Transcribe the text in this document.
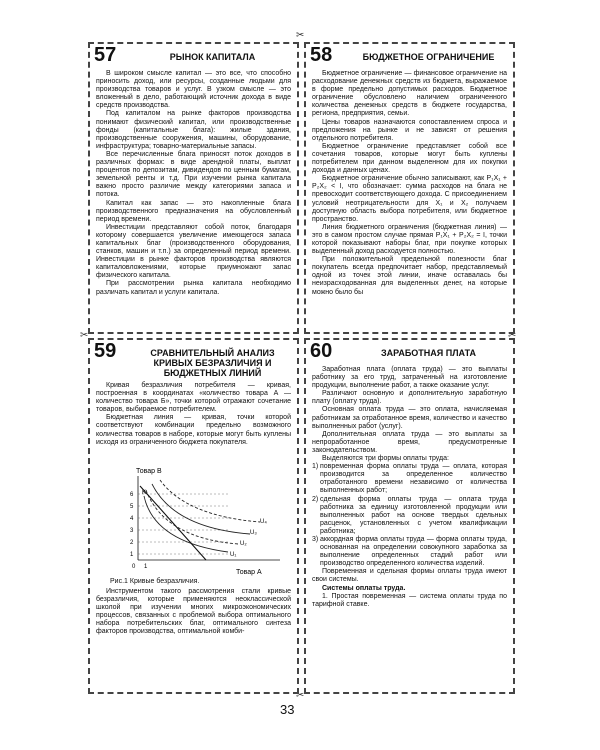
✂
✂
✂
✂
57	РЫНОК КАПИТАЛА

В широком смысле капитал — это все, что способно приносить доход, или ресурсы, созданные людьми для производства товаров и услуг. В узком смысле — это вложенный в дело, работающий источник дохода в виде средств производства.

Под капиталом на рынке факторов производства понимают физический капитал, или производственные фонды (капитальные блага): жилые здания, производственные сооружения, машины, оборудование, инфраструктура; товарно-материальные запасы.

Все перечисленные блага приносят поток доходов в различных формах: в виде арендной платы, выплат процентов по депозитам, дивидендов по ценным бумагам, земельной ренты и т.д. При изучении рынка капитала важно просто различие между категориями запаса и потока.

Капитал как запас — это накопленные блага производственного предназначения на обусловленный период времени.

Инвестиции представляют собой поток, благодаря которому совершается увеличение имеющегося запаса капитальных благ (производственного оборудования, станков, машин и т.п.) за определенный период времени. Инвестиции в рынке факторов производства являются капиталовложениями, которые приумножают запас физического капитала.

При рассмотрении рынка капитала необходимо различать капитал и услуги капитала.

58	БЮДЖЕТНОЕ ОГРАНИЧЕНИЕ

Бюджетное ограничение — финансовое ограничение на расходование денежных средств из бюджета, выражаемое в форме предельно допустимых расходов. Бюджетное ограничение обусловлено наличием ограниченного количества денежных средств в бюджете государства, региона, предприятия, семьи.

Цены товаров назначаются сопоставлением спроса и предложения на рынке и не зависят от решения отдельного потребителя.

Бюджетное ограничение представляет собой все сочетания товаров, которые могут быть куплены потребителем при данном выделенном для их покупки дохода и данных ценах.

Бюджетное ограничение обычно записывают, как P₁X₁ + P₂X₂ < I, что обозначает: сумма расходов на блага не превосходит соответствующего дохода. С присоединением условий неотрицательности для X₁ и X₂ получаем доступную область выбора потребителя, или бюджетное пространство.

Линия бюджетного ограничения (бюджетная линия) — это в самом простом случае прямая P₁X₁ + P₂X₂ = I, точки которой показывают наборы благ, при покупке которых выделенный доход расходуется полностью.

При положительной предельной полезности благ покупатель всегда предпочитает набор, представляемый одной из точек этой линии, иначе оставалась бы неизрасходованная для выделенных денег, на которые можно было бы

59	СРАВНИТЕЛЬНЫЙ АНАЛИЗ КРИВЫХ БЕЗРАЗЛИЧИЯ И БЮДЖЕТНЫХ ЛИНИЙ

Кривая безразличия потребителя — кривая, построенная в координатах «количество товара А — количество товара Б», точки которой отражают сочетание товаров, выбираемое потребителем.

Бюджетная линия — кривая, точки которой соответствуют комбинации предельно возможного количества товаров в наборе, которые могут быть куплены исходя из ограниченного бюджета покупателя.

Товар В
Товар А
1
2
3
4
5
6
0 1
U₁
U₂
U₃
U₄
K

Рис.1 Кривые безразличия.

Инструментом такого рассмотрения стали кривые безразличия, которые применяются неоклассической школой при изучении многих микроэкономических процессов, связанных с проблемой выбора оптимального набора потребительских благ, оптимального синтеза факторов производства, оптимальной комби-

60	ЗАРАБОТНАЯ ПЛАТА

Заработная плата (оплата труда) — это выплаты работнику за его труд, затраченный на изготовление продукции, выполнение работ, а также оказание услуг.

Различают основную и дополнительную заработную плату (оплату труда).

Основная оплата труда — это оплата, начисляемая работникам за отработанное время, количество и качество выполненных работ (услуг).

Дополнительная оплата труда — это выплаты за непроработанное время, предусмотренные законодательством.

Выделяются три формы оплаты труда:

1) повременная форма оплаты труда — оплата, которая производится за определенное количество отработанного времени независимо от количества выполненных работ;

2) сдельная форма оплаты труда — оплата труда работника за единицу изготовленной продукции или выполненных работ на основе твердых сдельных расценок, установленных с учетом квалификации работника;

3) аккордная форма оплаты труда — форма оплаты труда, основанная на определении совокупного заработка за выполнение определенных стадий работ или производство определенного количества изделий.

Повременная и сдельная формы оплаты труда имеют свои системы.

Системы оплаты труда.

1. Простая повременная — система оплаты труда по тарифной ставке.

33
